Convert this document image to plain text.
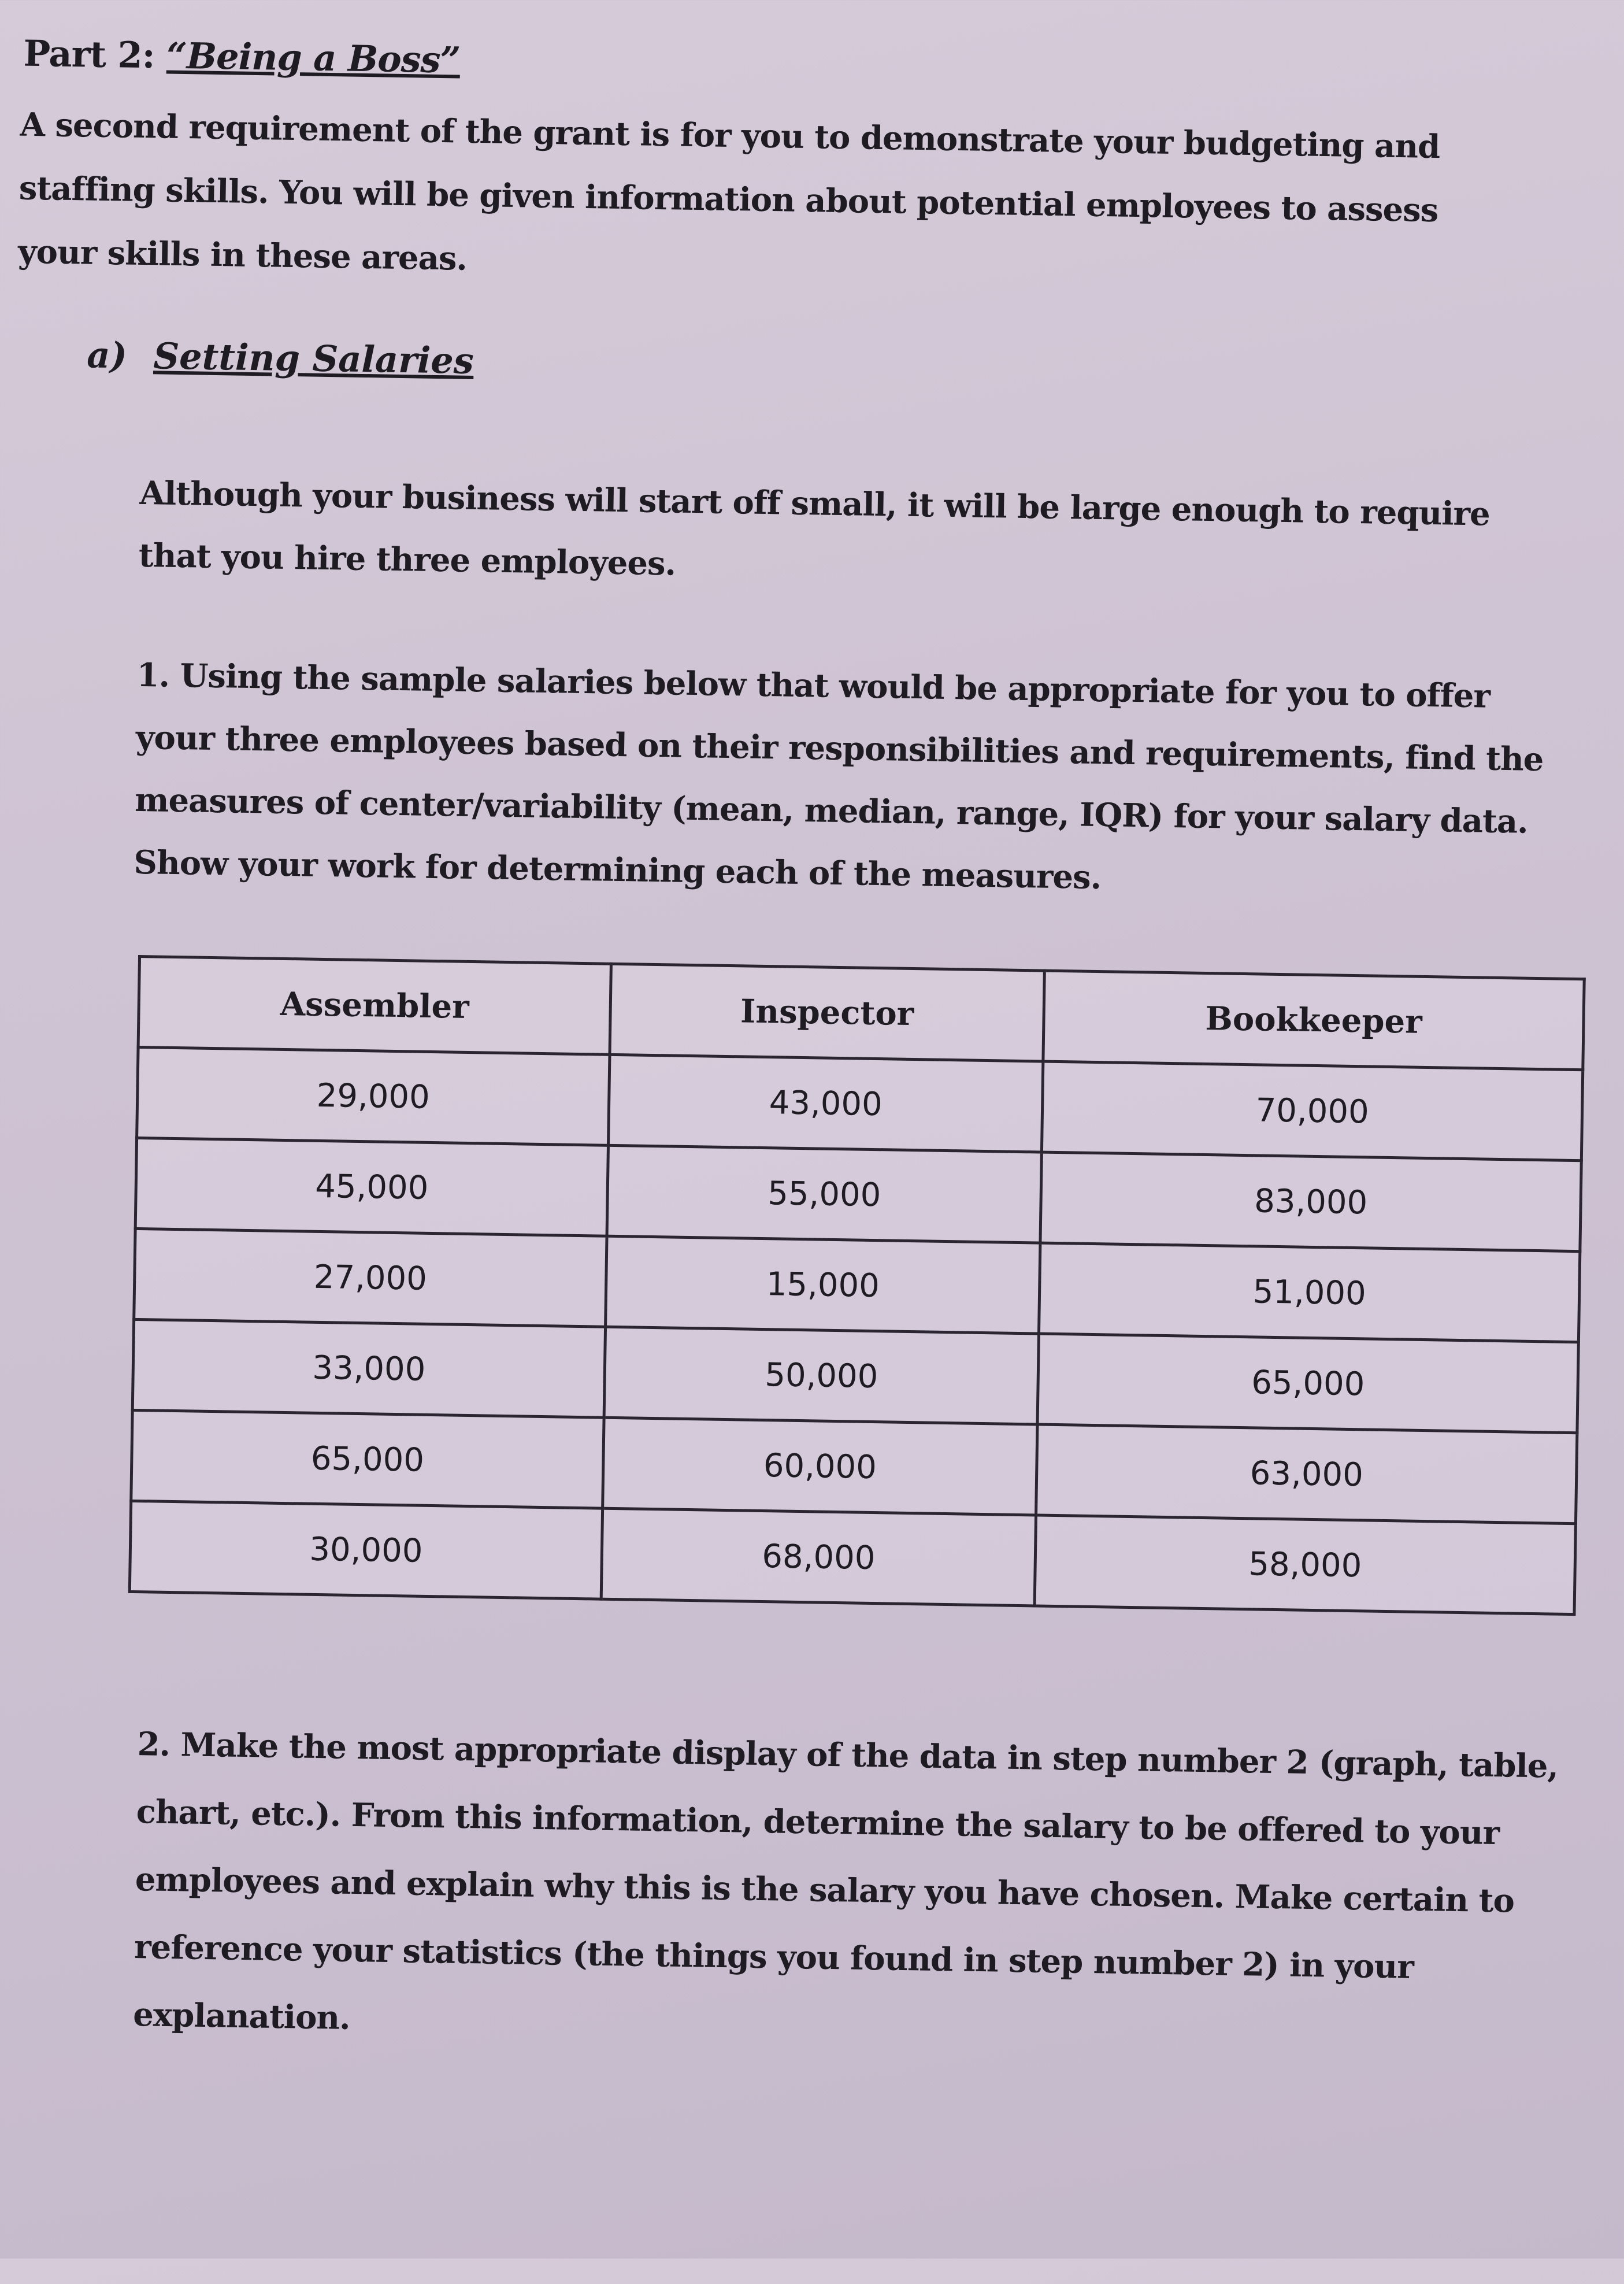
Part 2: “Being a Boss”

A second requirement of the grant is for you to demonstrate your budgeting and staffing skills. You will be given information about potential employees to assess your skills in these areas.

a) Setting Salaries

Although your business will start off small, it will be large enough to require that you hire three employees.

1. Using the sample salaries below that would be appropriate for you to offer your three employees based on their responsibilities and requirements, find the measures of center/variability (mean, median, range, IQR) for your salary data. Show your work for determining each of the measures.

Assembler	Inspector	Bookkeeper
29,000	43,000	70,000
45,000	55,000	83,000
27,000	15,000	51,000
33,000	50,000	65,000
65,000	60,000	63,000
30,000	68,000	58,000

2. Make the most appropriate display of the data in step number 2 (graph, table, chart, etc.). From this information, determine the salary to be offered to your employees and explain why this is the salary you have chosen. Make certain to reference your statistics (the things you found in step number 2) in your explanation.
